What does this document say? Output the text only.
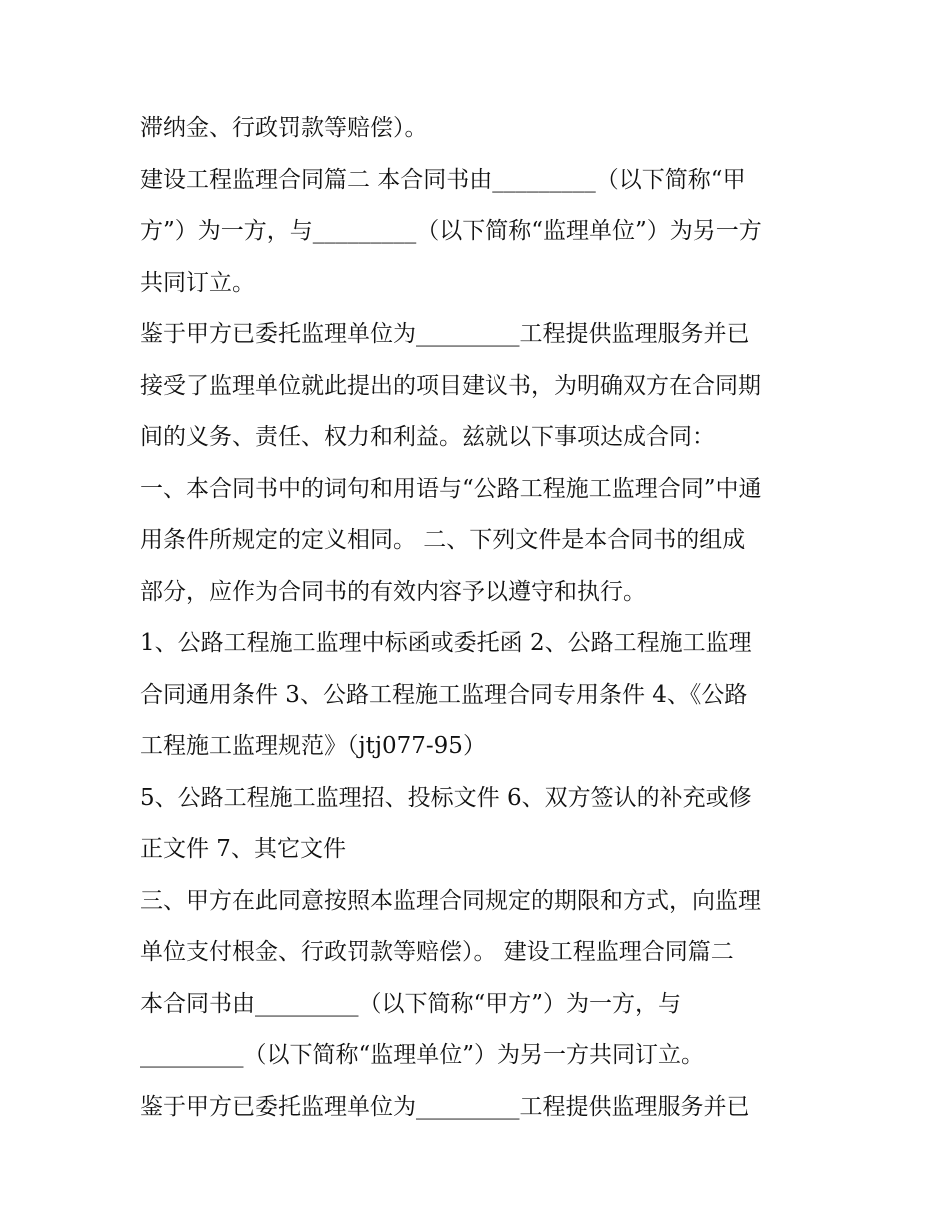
滞纳金、行政罚款等赔偿）。
建设工程监理合同篇二 本合同书由_________（以下简称“甲
方”）为一方，与_________（以下简称“监理单位”）为另一方
共同订立。
鉴于甲方已委托监理单位为_________工程提供监理服务并已
接受了监理单位就此提出的项目建议书，为明确双方在合同期
间的义务、责任、权力和利益。兹就以下事项达成合同：
一、本合同书中的词句和用语与“公路工程施工监理合同”中通
用条件所规定的定义相同。 二、下列文件是本合同书的组成
部分，应作为合同书的有效内容予以遵守和执行。
1、公路工程施工监理中标函或委托函 2、公路工程施工监理
合同通用条件 3、公路工程施工监理合同专用条件 4、《公路
工程施工监理规范》（jtj077-95）
5、公路工程施工监理招、投标文件 6、双方签认的补充或修
正文件 7、其它文件
三、甲方在此同意按照本监理合同规定的期限和方式，向监理
单位支付根金、行政罚款等赔偿）。 建设工程监理合同篇二
本合同书由_________（以下简称“甲方”）为一方，与
_________（以下简称“监理单位”）为另一方共同订立。
鉴于甲方已委托监理单位为_________工程提供监理服务并已
